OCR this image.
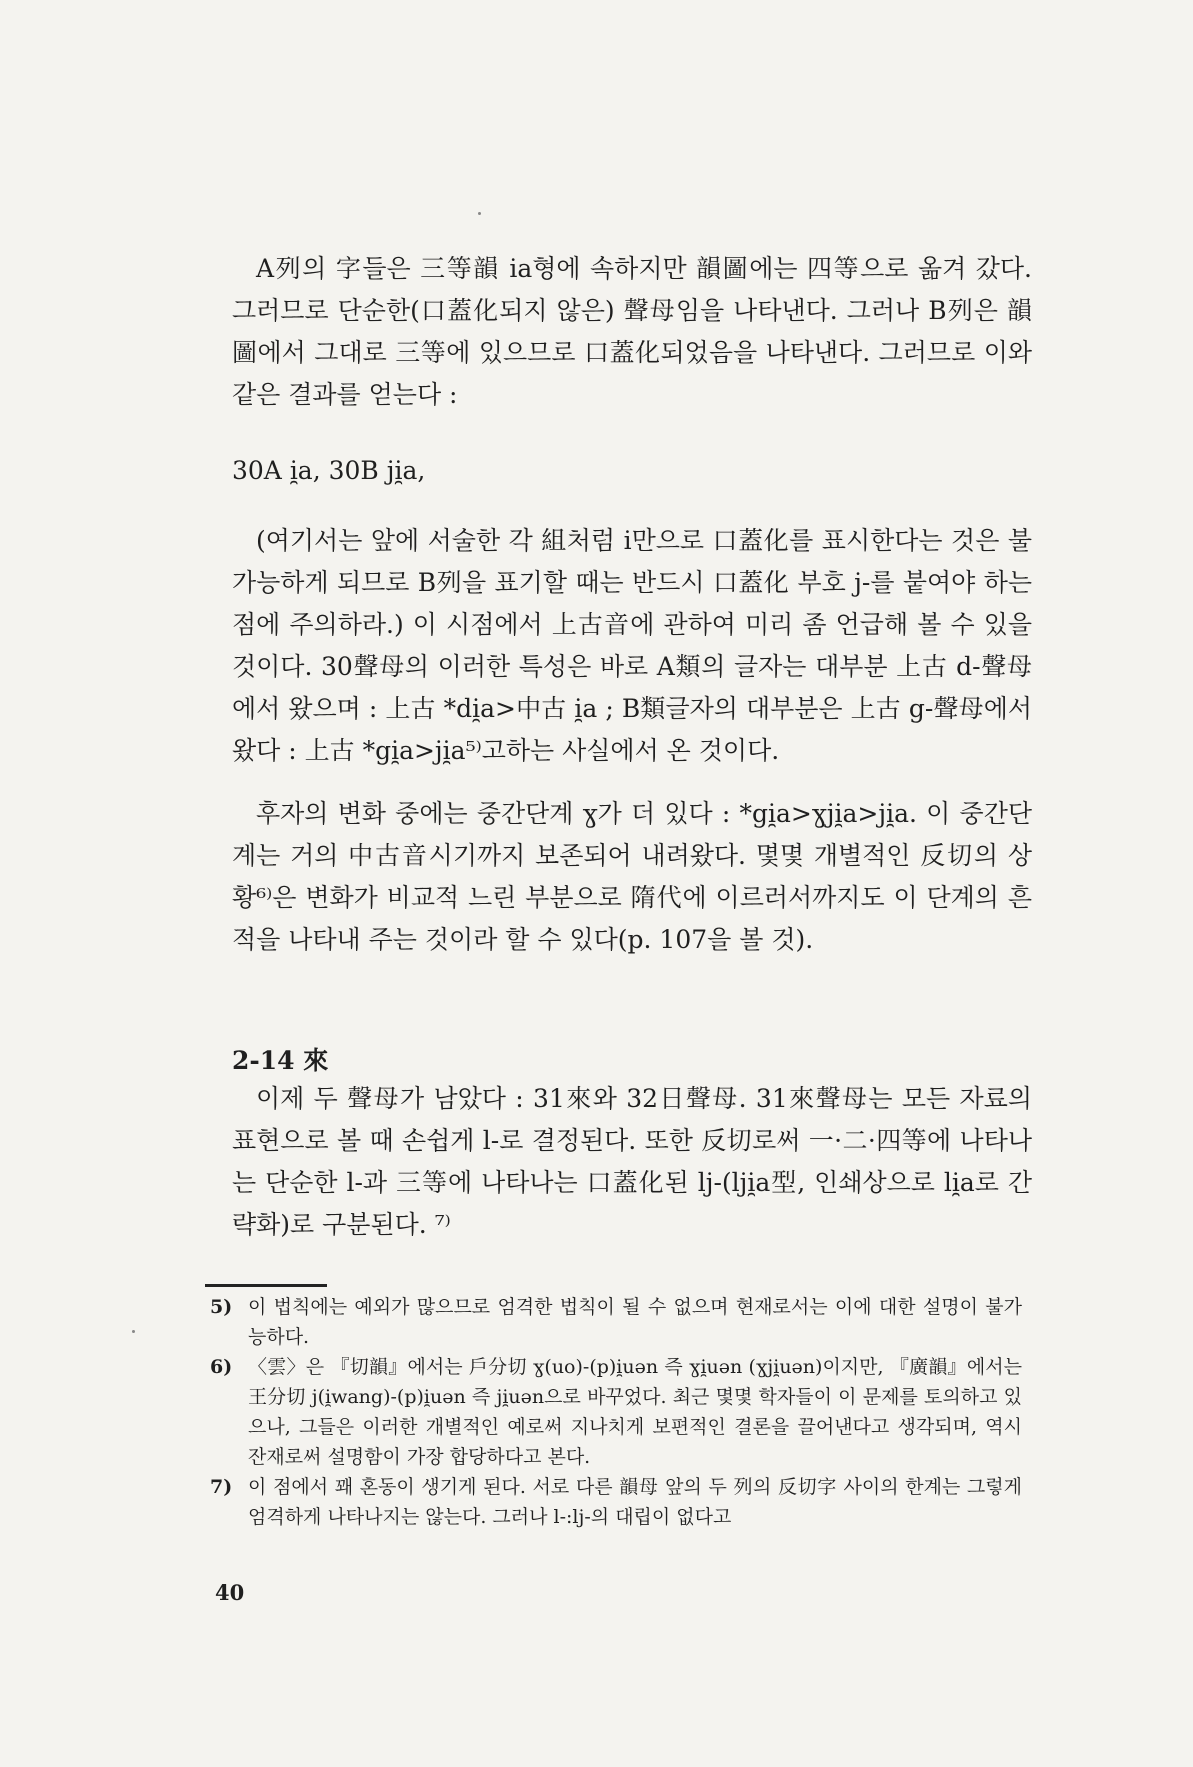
A列의 字들은 三等韻 ia형에 속하지만 韻圖에는 四等으로 옮겨 갔다. 그러므로 단순한(口蓋化되지 않은) 聲母임을 나타낸다. 그러나 B列은 韻圖에서 그대로 三等에 있으므로 口蓋化되었음을 나타낸다. 그러므로 이와 같은 결과를 얻는다 :

30A i̯a, 30B ji̯a,

(여기서는 앞에 서술한 각 組처럼 i만으로 口蓋化를 표시한다는 것은 불가능하게 되므로 B列을 표기할 때는 반드시 口蓋化 부호 j-를 붙여야 하는 점에 주의하라.) 이 시점에서 上古音에 관하여 미리 좀 언급해 볼 수 있을 것이다. 30聲母의 이러한 특성은 바로 A類의 글자는 대부분 上古 d-聲母에서 왔으며 : 上古 *di̯a>中古 i̯a ; B類글자의 대부분은 上古 g-聲母에서 왔다 : 上古 *gi̯a>ji̯a⁵⁾고하는 사실에서 온 것이다.

후자의 변화 중에는 중간단계 ɣ가 더 있다 : *gi̯a>ɣji̯a>ji̯a. 이 중간단계는 거의 中古音시기까지 보존되어 내려왔다. 몇몇 개별적인 反切의 상황⁶⁾은 변화가 비교적 느린 부분으로 隋代에 이르러서까지도 이 단계의 흔적을 나타내 주는 것이라 할 수 있다(p. 107을 볼 것).

2-14 來

이제 두 聲母가 남았다 : 31來와 32日聲母. 31來聲母는 모든 자료의 표현으로 볼 때 손쉽게 l-로 결정된다. 또한 反切로써 一·二·四等에 나타나는 단순한 l-과 三等에 나타나는 口蓋化된 lj-(lji̯a型, 인쇄상으로 li̯a로 간략화)로 구분된다. ⁷⁾

5) 이 법칙에는 예외가 많으므로 엄격한 법칙이 될 수 없으며 현재로서는 이에 대한 설명이 불가능하다.
6) 〈雲〉은 『切韻』에서는 戶分切 ɣ(uo)-(p)i̯uən 즉 ɣi̯uən (ɣji̯uən)이지만, 『廣韻』에서는 王分切 j(i̯wang)-(p)i̯uən 즉 ji̯uən으로 바꾸었다. 최근 몇몇 학자들이 이 문제를 토의하고 있으나, 그들은 이러한 개별적인 예로써 지나치게 보편적인 결론을 끌어낸다고 생각되며, 역시 잔재로써 설명함이 가장 합당하다고 본다.
7) 이 점에서 꽤 혼동이 생기게 된다. 서로 다른 韻母 앞의 두 列의 反切字 사이의 한계는 그렇게 엄격하게 나타나지는 않는다. 그러나 l-:lj-의 대립이 없다고
40
